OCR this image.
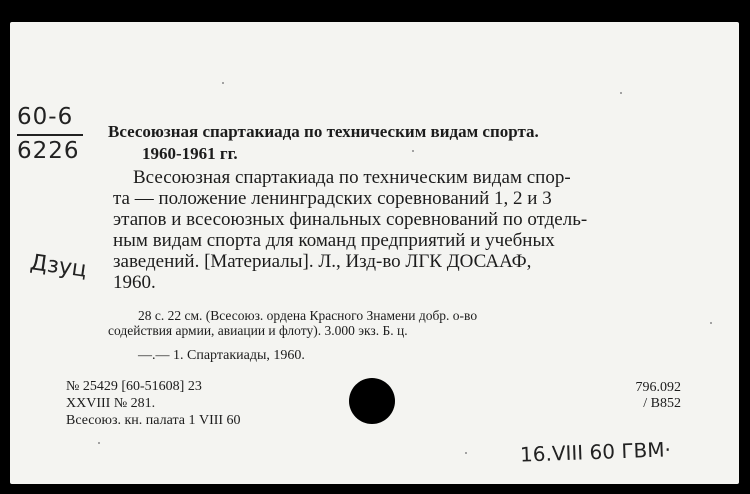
60-6
6226
Дзуц
Всесоюзная спартакиада по техническим видам спорта.
1960-1961 гг.
Всесоюзная спартакиада по техническим видам спор-
та — положение ленинградских соревнований 1, 2 и 3
этапов и всесоюзных финальных соревнований по отдель-
ным видам спорта для команд предприятий и учебных
заведений. [Материалы]. Л., Изд-во ЛГК ДОСААФ,
1960.
28 с. 22 см. (Всесоюз. ордена Красного Знамени добр. о-во
содействия армии, авиации и флоту). 3.000 экз. Б. ц.
—.— 1. Спартакиады, 1960.
№ 25429 [60-51608] 23
XXVIII № 281.
Всесоюз. кн. палата 1 VIII 60
796.092
/ В852
16.VIII 60 ГВМ·
